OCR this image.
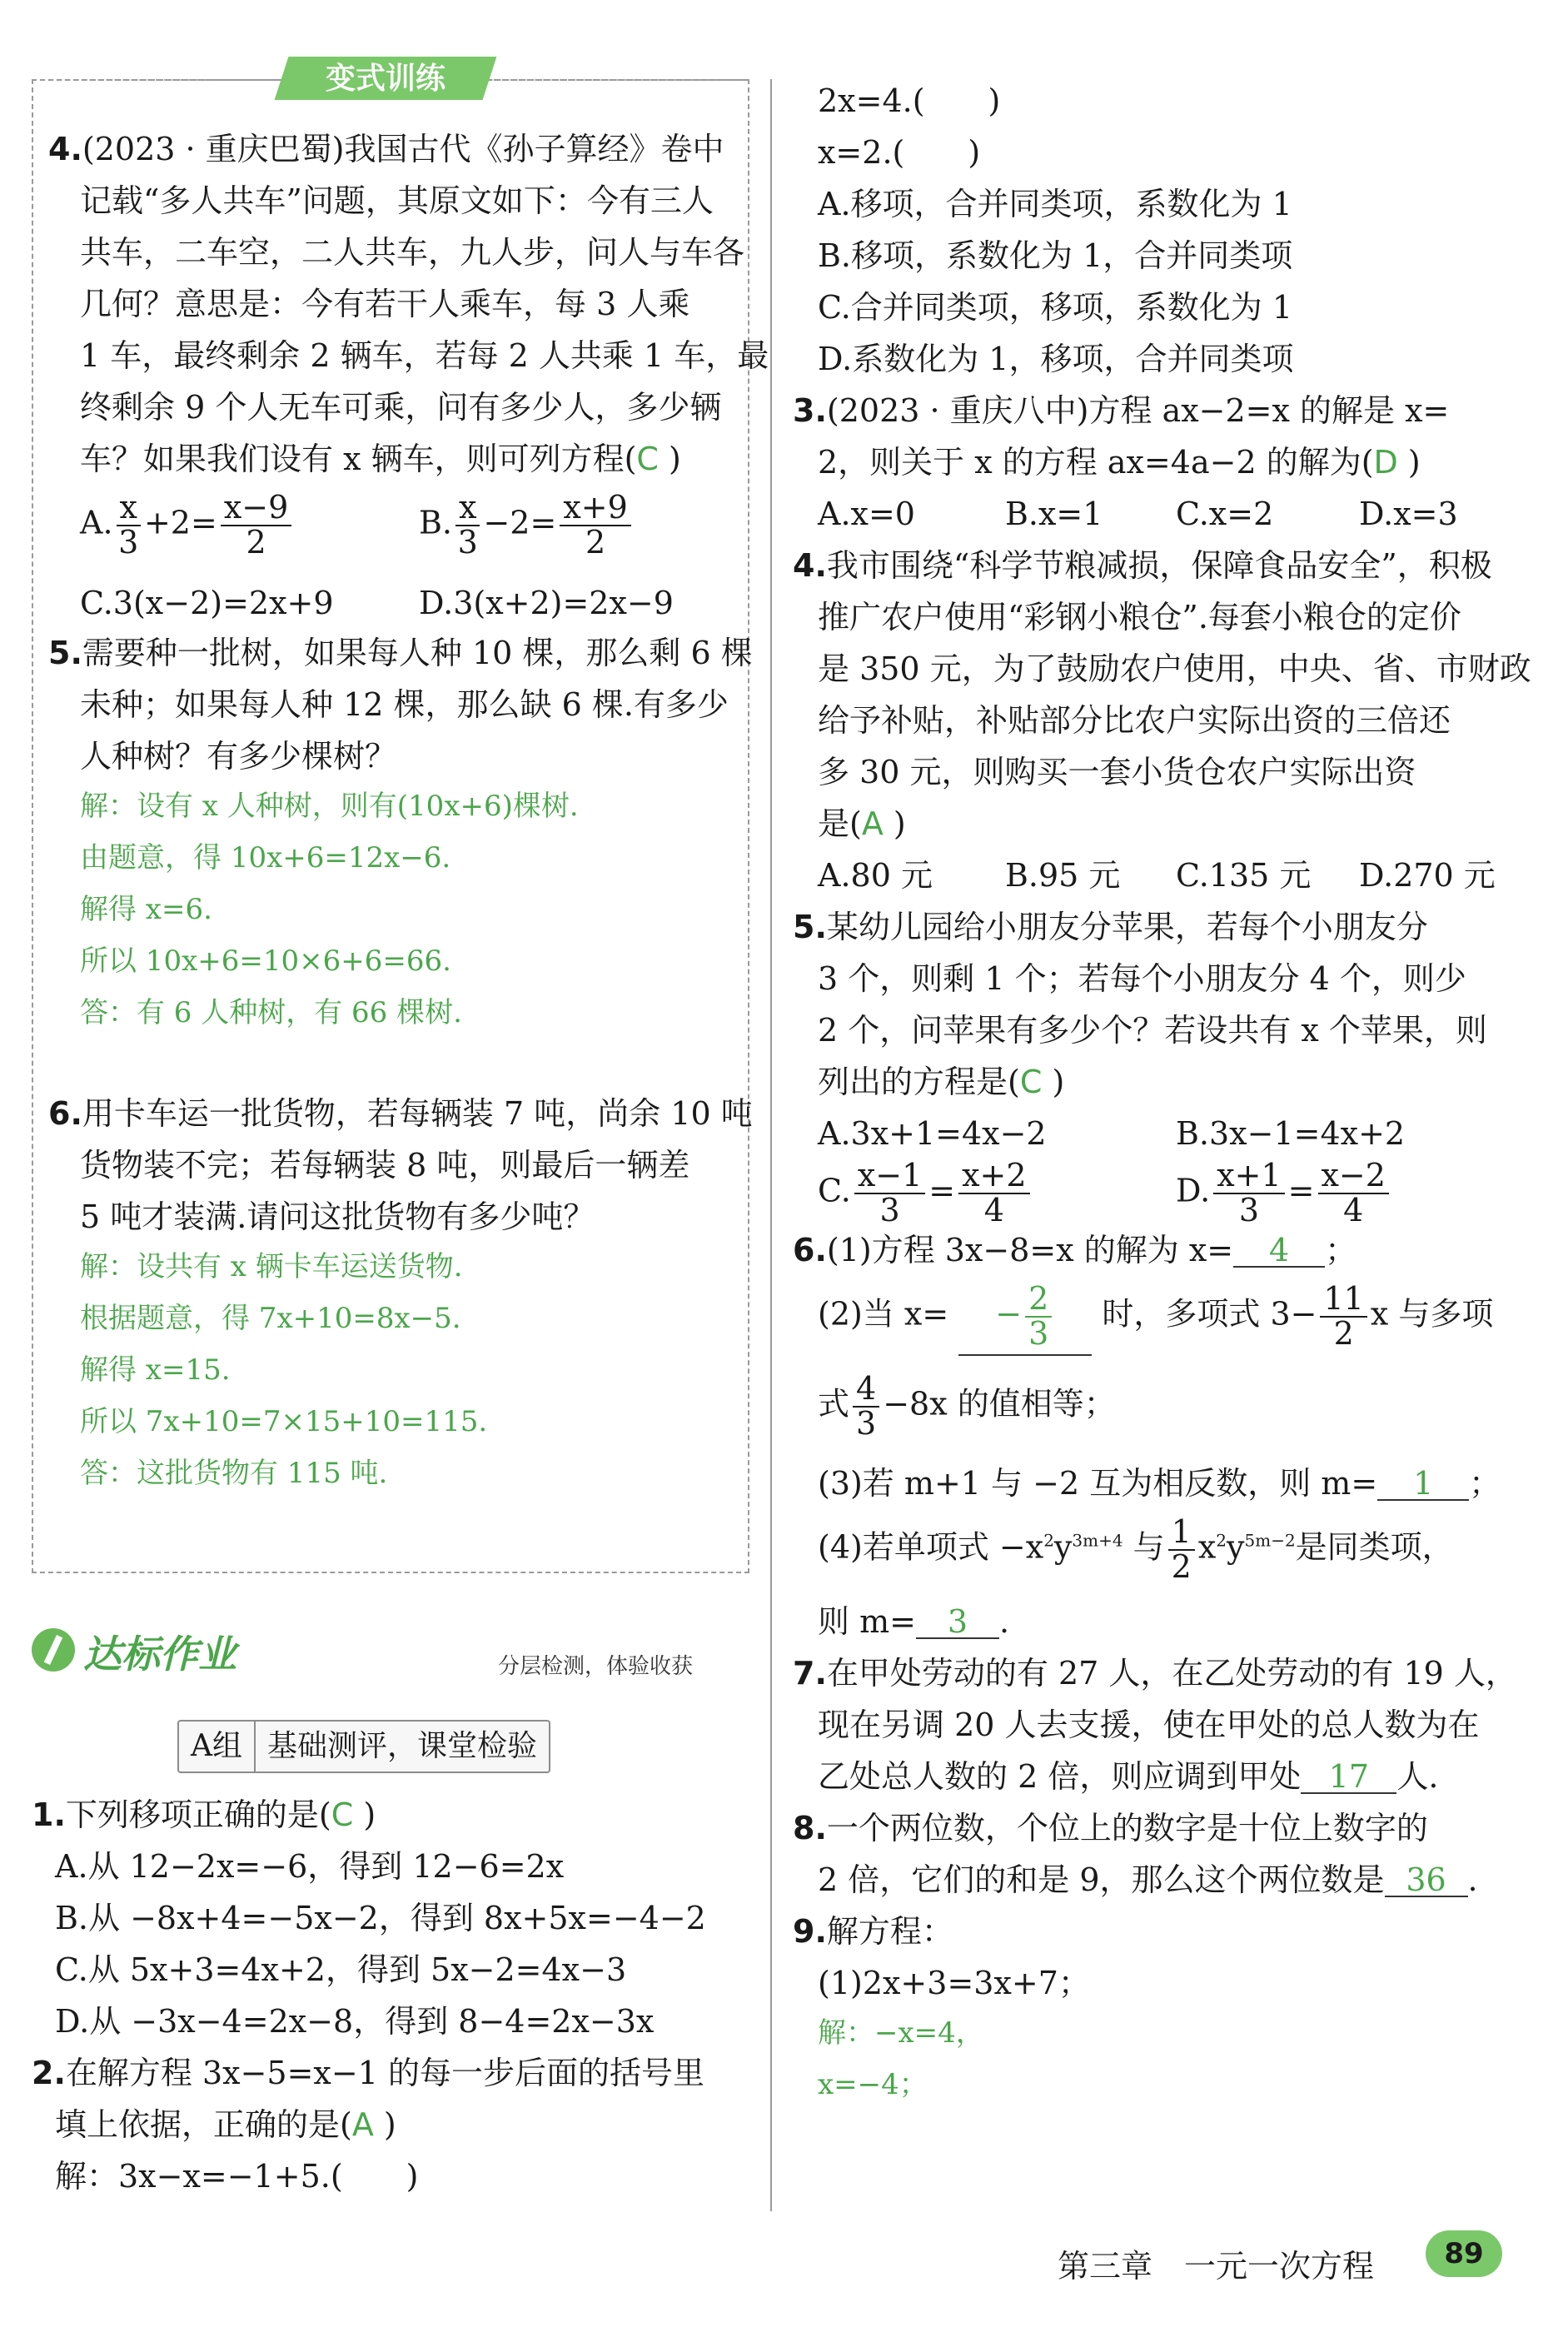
变式训练
4.(2023 · 重庆巴蜀)我国古代《孙子算经》卷中
记载“多人共车”问题，其原文如下：今有三人
共车，二车空，二人共车，九人步，问人与车各
几何？意思是：今有若干人乘车，每 3 人乘
1 车，最终剩余 2 辆车，若每 2 人共乘 1 车，最
终剩余 9 个人无车可乘，问有多少人，多少辆
车？如果我们设有 x 辆车，则可列方程(C )
A. $\frac{x}{3} +2= \frac{x-9}{2}$	B. $\frac{x}{3} -2= \frac{x+9}{2}$
C.3(x−2)=2x+9	D.3(x+2)=2x−9
5.需要种一批树，如果每人种 10 棵，那么剩 6 棵
未种；如果每人种 12 棵，那么缺 6 棵.有多少
人种树？有多少棵树？
解：设有 x 人种树，则有(10x+6)棵树.
由题意，得 10x+6=12x−6.
解得 x=6.
所以 10x+6=10×6+6=66.
答：有 6 人种树，有 66 棵树.
6.用卡车运一批货物，若每辆装 7 吨，尚余 10 吨
货物装不完；若每辆装 8 吨，则最后一辆差
5 吨才装满.请问这批货物有多少吨？
解：设共有 x 辆卡车运送货物.
根据题意，得 7x+10=8x−5.
解得 x=15.
所以 7x+10=7×15+10=115.
答：这批货物有 115 吨.
达标作业	分层检测，体验收获
A组 基础测评，课堂检验
1.下列移项正确的是(C )
A.从 12−2x=−6，得到 12−6=2x
B.从 −8x+4=−5x−2，得到 8x+5x=−4−2
C.从 5x+3=4x+2，得到 5x−2=4x−3
D.从 −3x−4=2x−8，得到 8−4=2x−3x
2.在解方程 3x−5=x−1 的每一步后面的括号里
填上依据，正确的是(A )
解：3x−x=−1+5.(　　)
2x=4.(　　)
x=2.(　　)
A.移项，合并同类项，系数化为 1
B.移项，系数化为 1，合并同类项
C.合并同类项，移项，系数化为 1
D.系数化为 1，移项，合并同类项
3.(2023 · 重庆八中)方程 ax−2=x 的解是 x=
2，则关于 x 的方程 ax=4a−2 的解为(D )
A.x=0	B.x=1 C.x=2	D.x=3
4.我市围绕“科学节粮减损，保障食品安全”，积极
推广农户使用“彩钢小粮仓”.每套小粮仓的定价
是 350 元，为了鼓励农户使用，中央、省、市财政
给予补贴，补贴部分比农户实际出资的三倍还
多 30 元，则购买一套小货仓农户实际出资
是(A )
A.80 元 B.95 元 C.135 元 D.270 元
5.某幼儿园给小朋友分苹果，若每个小朋友分
3 个，则剩 1 个；若每个小朋友分 4 个，则少
2 个，问苹果有多少个？若设共有 x 个苹果，则
列出的方程是(C )
A.3x+1=4x−2	B.3x−1=4x+2
C. $\frac{x-1}{3} = \frac{x+2}{4}$	D. $\frac{x+1}{3} = \frac{x-2}{4}$
6.(1)方程 3x−8=x 的解为 x= 4 ；
(2)当 $x= - \frac{2}{3}$ 时，多项式 $3- \frac{11}{2}$ x 与多项
式 $\frac{4}{3} -8x$ 的值相等；
(3)若 m+1 与 −2 互为相反数，则 m= 1 ；
(4)若单项式 $-x^2y^{3m+4}$ 与 $\frac{1}{2} x^2y^{5m-2}$是同类项，
则 m= 3 .
7.在甲处劳动的有 27 人，在乙处劳动的有 19 人，
现在另调 20 人去支援，使在甲处的总人数为在
乙处总人数的 2 倍，则应调到甲处 17 人.
8.一个两位数，个位上的数字是十位上数字的
2 倍，它们的和是 9，那么这个两位数是 36 .
9.解方程：
(1)2x+3=3x+7；
解：−x=4，
x=−4；
第三章　 一元一次方程	89
